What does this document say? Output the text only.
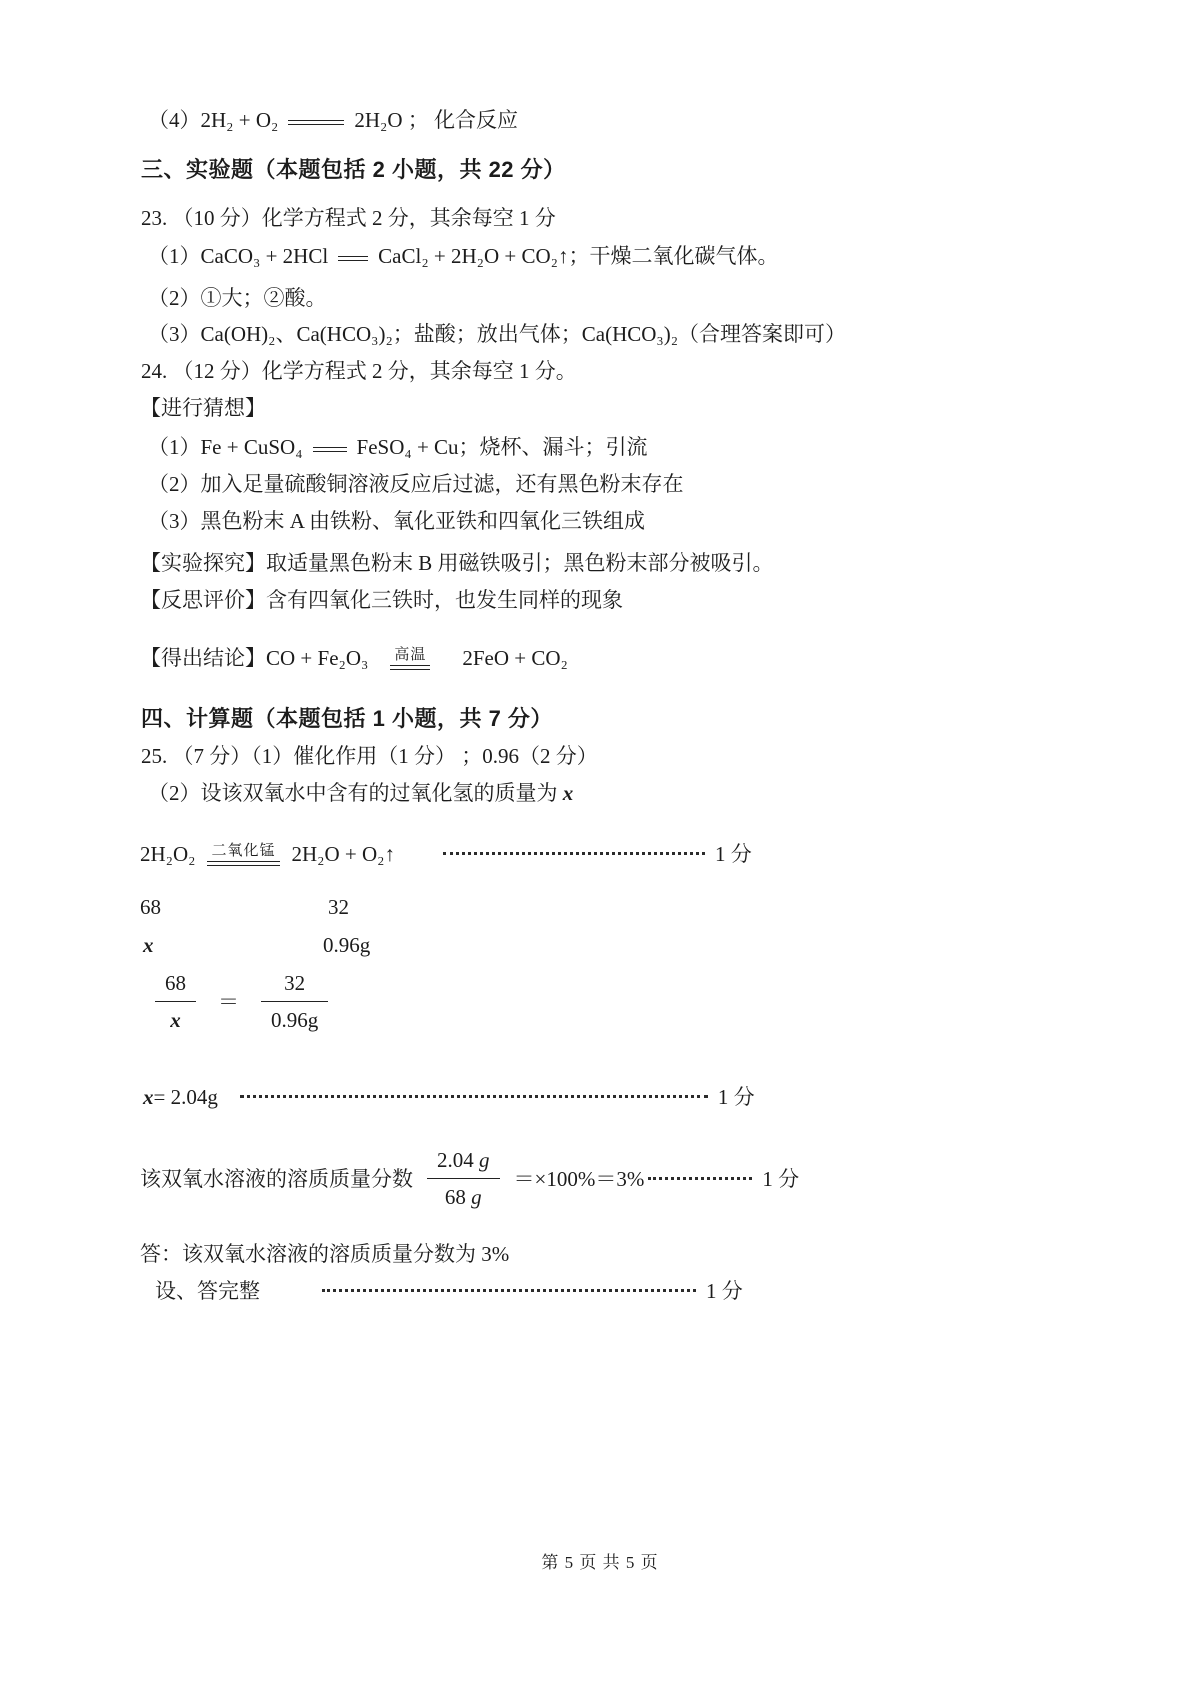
（4）2H₂ + O₂	2H₂O ； 化合反应
三、实验题（本题包括 2 小题，共 22 分）
23. （10 分）化学方程式 2 分，其余每空 1 分
（1）CaCO₃ + 2HCl CaCl₂ + 2H₂O + CO₂↑；干燥二氧化碳气体。
（2）①大；②酸。
（3）Ca(OH)₂、Ca(HCO₃)₂；盐酸；放出气体；Ca(HCO₃)₂（合理答案即可）
24. （12 分）化学方程式 2 分，其余每空 1 分。
【进行猜想】
（1）Fe + CuSO₄	FeSO₄ + Cu；烧杯、漏斗；引流
（2）加入足量硫酸铜溶液反应后过滤，还有黑色粉末存在
（3）黑色粉末 A 由铁粉、氧化亚铁和四氧化三铁组成
【实验探究】取适量黑色粉末 B 用磁铁吸引；黑色粉末部分被吸引。
【反思评价】含有四氧化三铁时，也发生同样的现象
【得出结论】CO + Fe₂O₃ 高温 2FeO + CO₂
四、计算题（本题包括 1 小题，共 7 分）
25. （7 分）（1）催化作用（1 分） ；0.96（2 分）
（2）设该双氧水中含有的过氧化氢的质量为 x
2H₂O₂ 二氧化锰 2H₂O + O₂↑	1 分
68	32
x	0.96g
$\frac{68}{x} = \frac{32}{0.96g}$
x = 2.04g	1 分
该双氧水溶液的溶质质量分数 $\frac{2.04 g}{68 g} =\times 100\%=3\%$	1 分
答：该双氧水溶液的溶质质量分数为 3%
设、答完整	1 分
第 5 页 共 5 页
